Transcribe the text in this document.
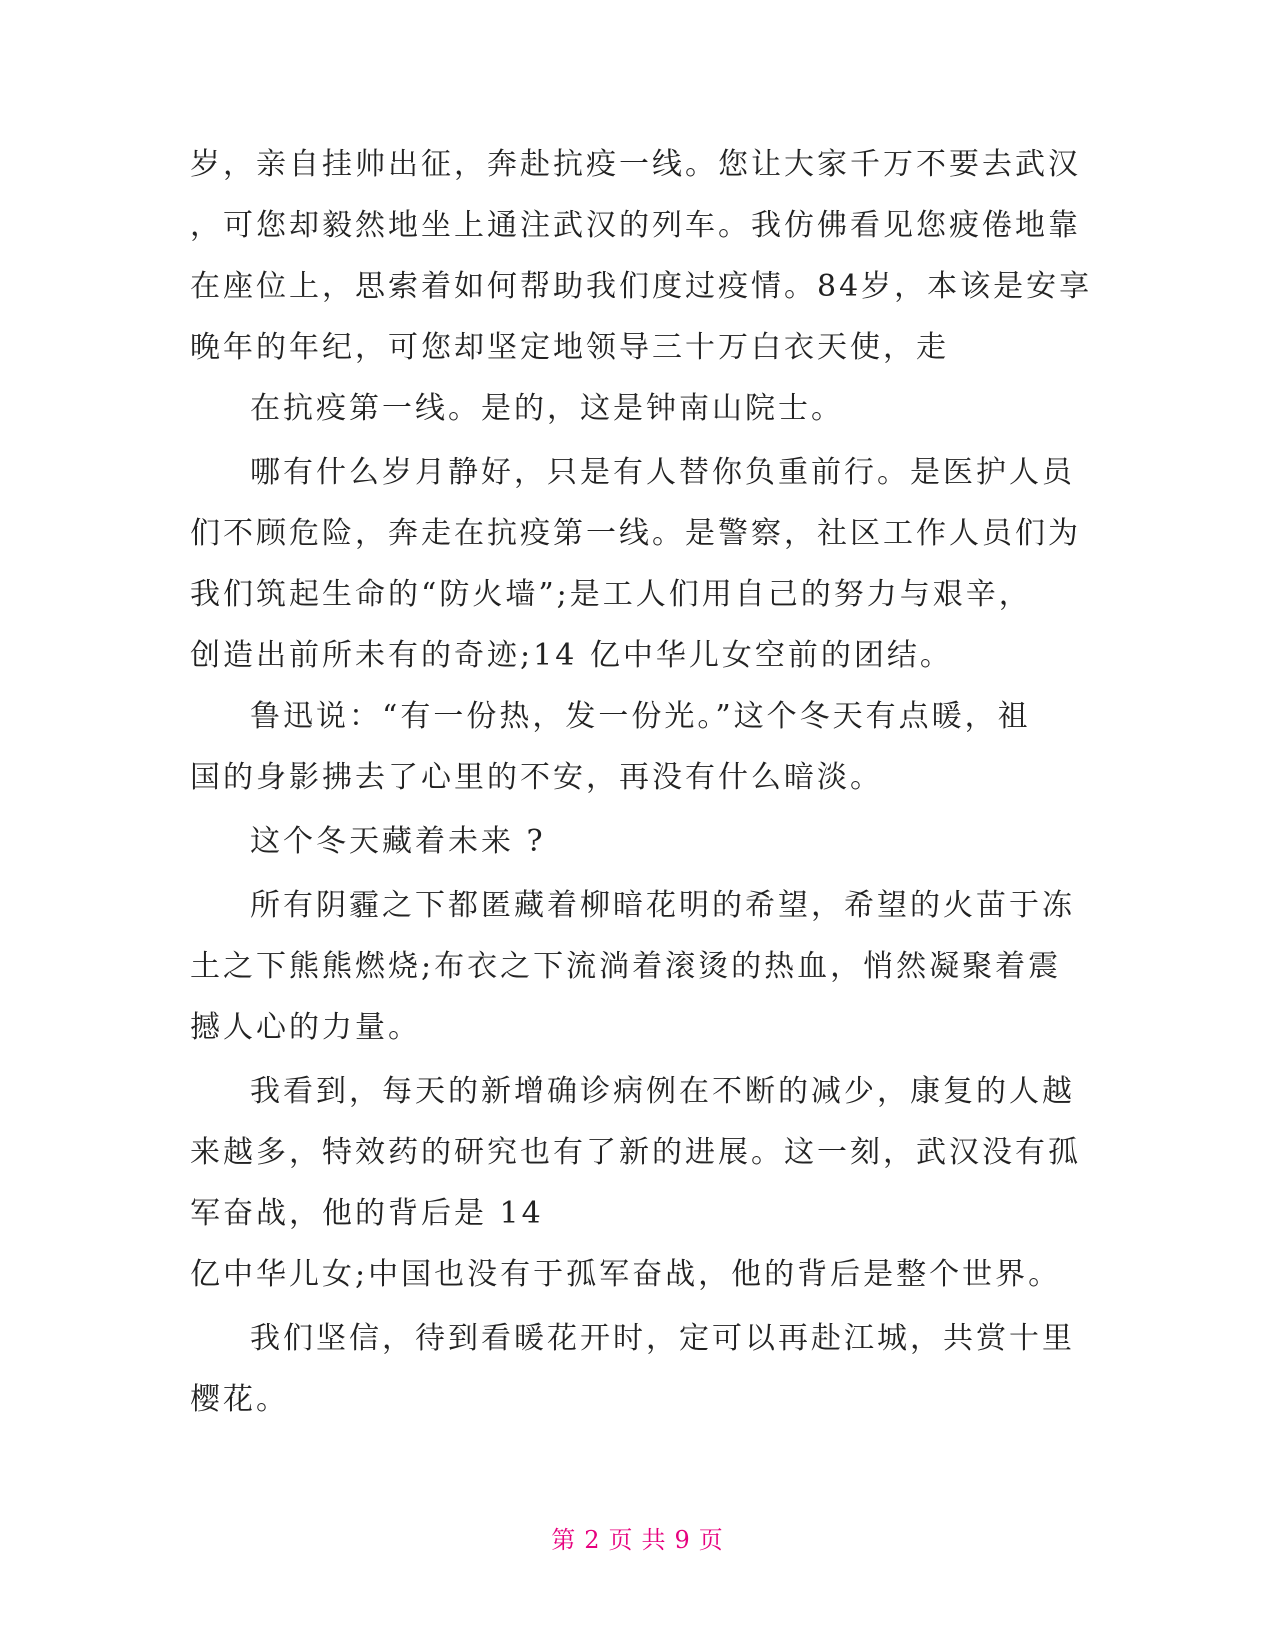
岁，亲自挂帅出征，奔赴抗疫一线。您让大家千万不要去武汉
，可您却毅然地坐上通注武汉的列车。我仿佛看见您疲倦地靠
在座位上，思索着如何帮助我们度过疫情。84岁，本该是安享
晚年的年纪，可您却坚定地领导三十万白衣天使，走
在抗疫第一线。是的，这是钟南山院士。
哪有什么岁月静好，只是有人替你负重前行。是医护人员
们不顾危险，奔走在抗疫第一线。是警察，社区工作人员们为
我们筑起生命的“防火墙”;是工人们用自己的努力与艰辛，
创造出前所未有的奇迹;14 亿中华儿女空前的团结。
鲁迅说：“有一份热，发一份光。”这个冬天有点暖，祖
国的身影拂去了心里的不安，再没有什么暗淡。
这个冬天藏着未来 ?
所有阴霾之下都匿藏着柳暗花明的希望，希望的火苗于冻
土之下熊熊燃烧;布衣之下流淌着滚烫的热血，悄然凝聚着震
撼人心的力量。
我看到，每天的新增确诊病例在不断的减少，康复的人越
来越多，特效药的研究也有了新的进展。这一刻，武汉没有孤
军奋战，他的背后是 14
亿中华儿女;中国也没有于孤军奋战，他的背后是整个世界。
我们坚信，待到看暖花开时，定可以再赴江城，共赏十里
樱花。
第 2 页 共 9 页
